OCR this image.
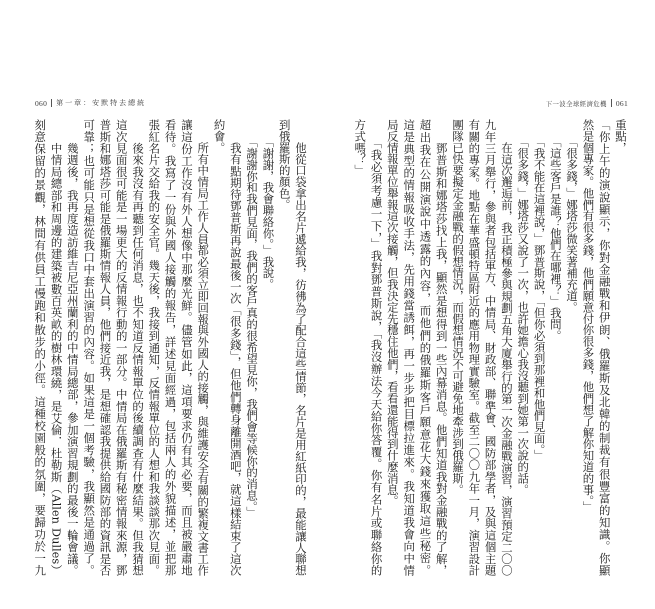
060 第一章：安默特去總統	下一波全球經濟危機 061
　　他從口袋拿出名片遞給我，彷彿為了配合這些情節，名片是用紅紙印的，最能讓人聯想
到俄羅斯的顏色。
　　「謝謝，我會聯絡你。」我說。
　　「謝謝你和我們見面，我們的客戶真的很希望見你，我們會等候你的消息。」
　　我有點期待鄧普斯再說最後一次「很多錢」，但他們轉身離開酒吧，就這樣結束了這次
約會。
　　所有中情局工作人員都必須立即回報與外國人的接觸，與維護安全有關的繁複文書工作
讓這份工作沒有外人想像中那麼光鮮。儘管如此，這項要求仍有其必要，而且被嚴肅地
看待。我寫了一份與外國人接觸的報告，詳述見面經過，包括兩人的外貌描述，並把那
張紅名片交給我的安全官。幾天後，我接到通知，反情報單位的人想和我談談那次見面。
　　後來我沒有再聽到任何消息，也不知道反情報單位的後續調查有什麼結果。但我猜想
這次見面很可能是一場更大的反情報行動的一部分。中情局在俄羅斯有秘密情報來源，鄧
普斯和娜塔莎可能是俄羅斯情報人員，他們接近我，是想確認我提供給國防部的資訊是否
可靠；也可能只是想從我口中套出演習的內容。如果這是一個考驗，我顯然是通過了。
　　幾週後，我再度造訪維吉尼亞州蘭利的中情局總部，參加演習規劃的最後一輪會議。
　　中情局總部和周邊的建築被數百英畝的樹林環繞，是艾倫．杜勒斯（Allen Dulles）
刻意保留的景觀，林間有供員工慢跑和散步的小徑。這種校園般的氛圍，要歸功於一九	重點，
「你上午的演說顯示，你對金融戰和伊朗、俄羅斯及北韓的制裁有很豐富的知識。你顯
然是個專家。他們有很多錢，他們願意付你很多錢，他們想了解你知道的事。」
　　「很多錢，」娜塔莎微笑著補充道。
　　「這些客戶是誰？他們在哪裡？」我問。
　　「我不能在這裡說，」鄧普斯說，「但你必須到那裡和他們見面。」
　　「很多錢，」娜塔莎又說了一次，也許她擔心我沒聽到她第一次說的話。
　　在這次邂逅前，我正積極參與規劃五角大廈舉行的第一次金融戰演習，演習預定二〇〇
九年三月舉行，參與者包括軍方、中情局、財政部、聯準會、國防部學者，及與這個主題
有關的專家。地點在華盛頓特區附近的應用物理實驗室。截至二〇〇九年一月，演習設計
團隊已快要擬定金融戰的假想情況，而假想情況不可避免地牽涉到俄羅斯。
　　鄧普斯和娜塔莎找上我，顯然是想得到一些內幕消息。他們知道我對金融戰的了解，
超出我在公開演說中透露的內容，而他們的俄羅斯客戶願意花大錢來獲取這些秘密。
這是典型的情報吸收手法，先用錢當誘餌，再一步步把目標拉進來。我知道我會向中情
局反情報單位舉報這次接觸，但我決定先穩住他們，看看還能得到什麼消息。
　　「我必須考慮一下，」我對鄧普斯說，「我沒辦法今天給你答覆。你有名片或聯絡你的
方式嗎？」
